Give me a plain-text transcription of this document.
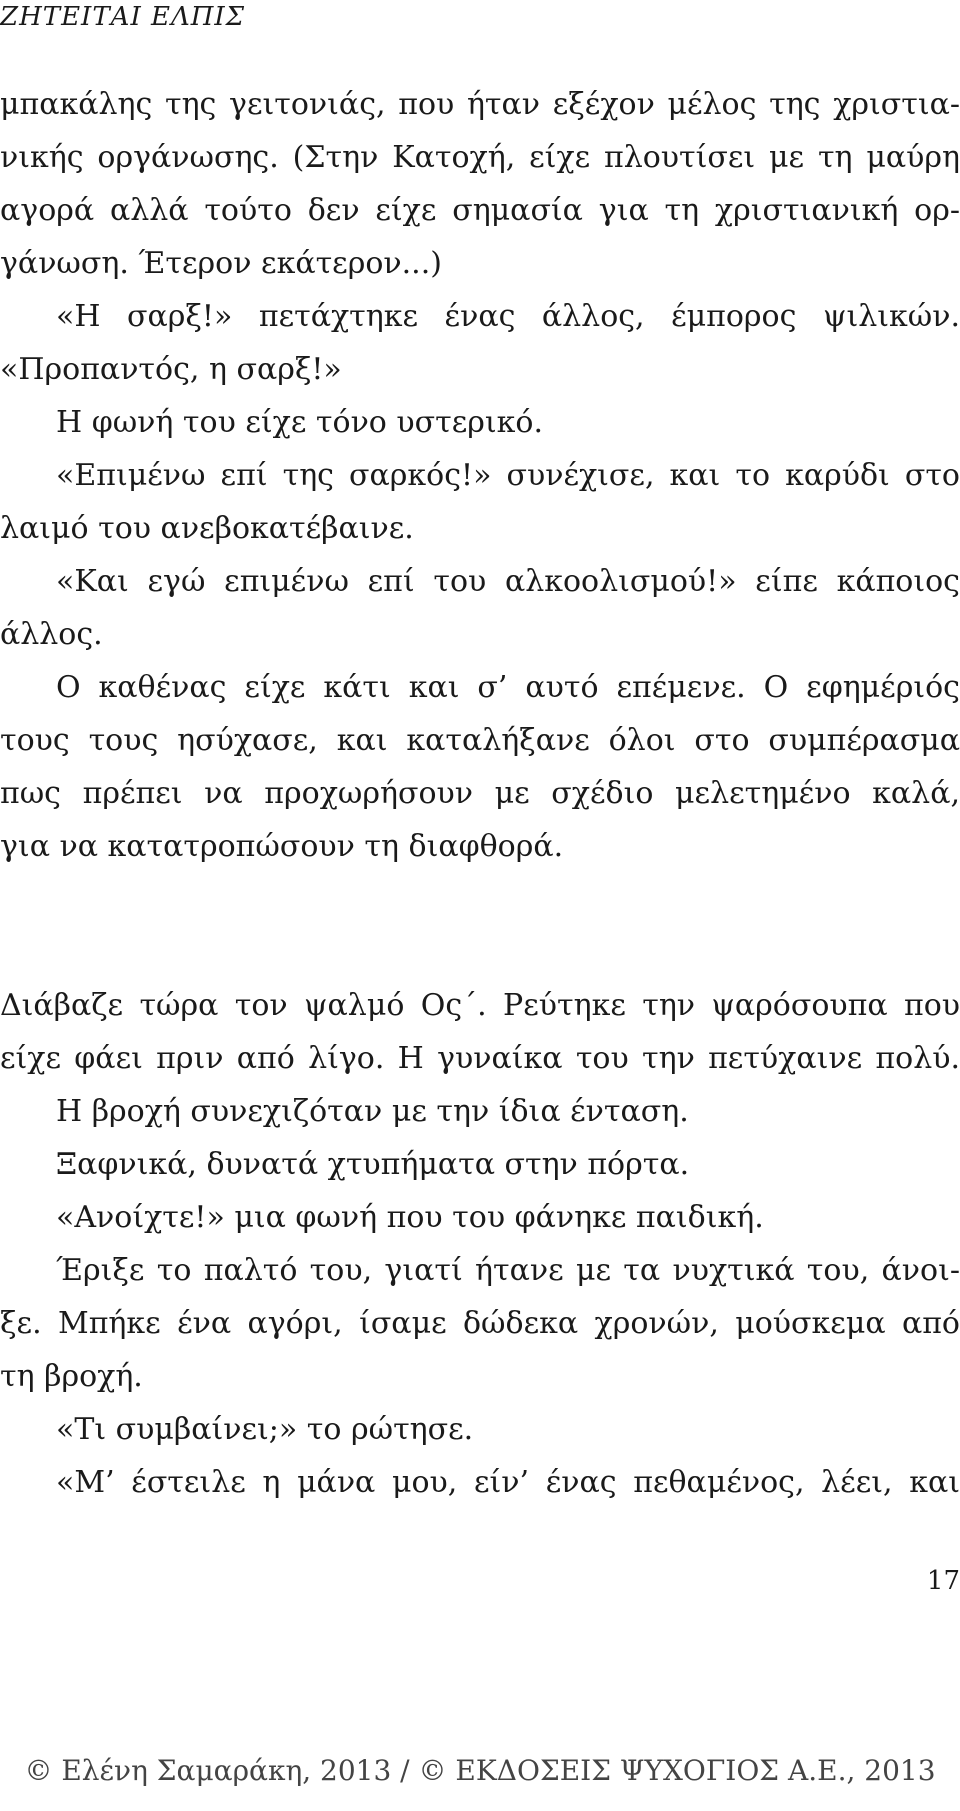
ΖΗΤΕΙΤΑΙ ΕΛΠΙΣ
μπακάλης της γειτονιάς, που ήταν εξέχον μέλος της χριστια-
νικής οργάνωσης. (Στην Κατοχή, είχε πλουτίσει με τη μαύρη
αγορά αλλά τούτο δεν είχε σημασία για τη χριστιανική ορ-
γάνωση. Έτερον εκάτερον...)
«Η σαρξ!» πετάχτηκε ένας άλλος, έμπορος ψιλικών.
«Προπαντός, η σαρξ!»
Η φωνή του είχε τόνο υστερικό.
«Επιμένω επί της σαρκός!» συνέχισε, και το καρύδι στο
λαιμό του ανεβοκατέβαινε.
«Και εγώ επιμένω επί του αλκοολισμού!» είπε κάποιος
άλλος.
Ο καθένας είχε κάτι και σ’ αυτό επέμενε. Ο εφημέριός
τους τους ησύχασε, και καταλήξανε όλοι στο συμπέρασμα
πως πρέπει να προχωρήσουν με σχέδιο μελετημένο καλά,
για να κατατροπώσουν τη διαφθορά.
Διάβαζε τώρα τον ψαλμό Ος΄. Ρεύτηκε την ψαρόσουπα που
είχε φάει πριν από λίγο. Η γυναίκα του την πετύχαινε πολύ.
Η βροχή συνεχιζόταν με την ίδια ένταση.
Ξαφνικά, δυνατά χτυπήματα στην πόρτα.
«Ανοίχτε!» μια φωνή που του φάνηκε παιδική.
Έριξε το παλτό του, γιατί ήτανε με τα νυχτικά του, άνοι-
ξε. Μπήκε ένα αγόρι, ίσαμε δώδεκα χρονών, μούσκεμα από
τη βροχή.
«Τι συμβαίνει;» το ρώτησε.
«Μ’ έστειλε η μάνα μου, είν’ ένας πεθαμένος, λέει, και
17
© Ελένη Σαμαράκη, 2013 / © ΕΚΔΟΣΕΙΣ ΨΥΧΟΓΙΟΣ Α.Ε., 2013
